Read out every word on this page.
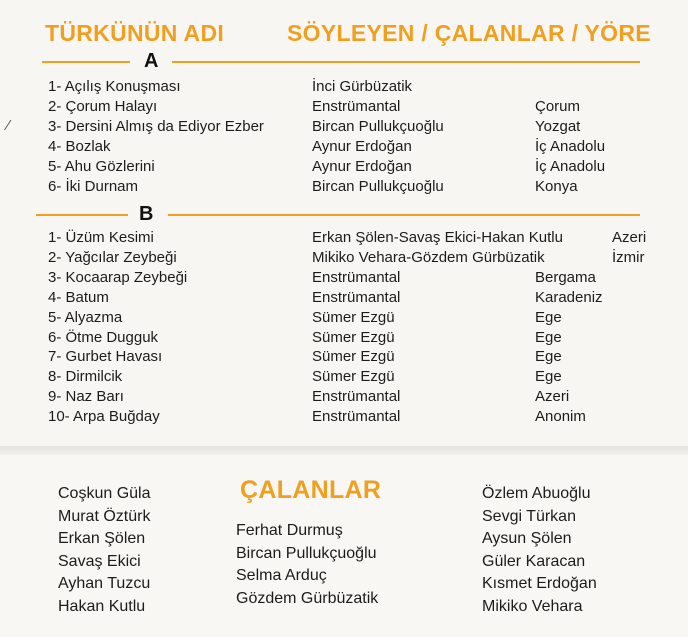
TÜRKÜNÜN ADI	SÖYLEYEN / ÇALANLAR / YÖRE
A
1- Açılış Konuşması	İnci Gürbüzatik
2- Çorum Halayı	Enstrümantal	Çorum
3- Dersini Almış da Ediyor Ezber	Bircan Pullukçuoğlu	Yozgat
4- Bozlak	Aynur Erdoğan	İç Anadolu
5- Ahu Gözlerini	Aynur Erdoğan	İç Anadolu
6- İki Durnam	Bircan Pullukçuoğlu	Konya
B
1- Üzüm Kesimi	Erkan Şölen-Savaş Ekici-Hakan Kutlu	Azeri
2- Yağcılar Zeybeği	Mikiko Vehara-Gözdem Gürbüzatik	İzmir
3- Kocaarap Zeybeği	Enstrümantal	Bergama
4- Batum	Enstrümantal	Karadeniz
5- Alyazma	Sümer Ezgü	Ege
6- Ötme Dugguk	Sümer Ezgü	Ege
7- Gurbet Havası	Sümer Ezgü	Ege
8- Dirmilcik	Sümer Ezgü	Ege
9- Naz Barı	Enstrümantal	Azeri
10- Arpa Buğday	Enstrümantal	Anonim
⁄
ÇALANLAR
Coşkun Güla
Murat Öztürk
Erkan Şölen
Savaş Ekici
Ayhan Tuzcu
Hakan Kutlu
Ferhat Durmuş
Bircan Pullukçuoğlu
Selma Arduç
Gözdem Gürbüzatik
Özlem Abuoğlu
Sevgi Türkan
Aysun Şölen
Güler Karacan
Kısmet Erdoğan
Mikiko Vehara
